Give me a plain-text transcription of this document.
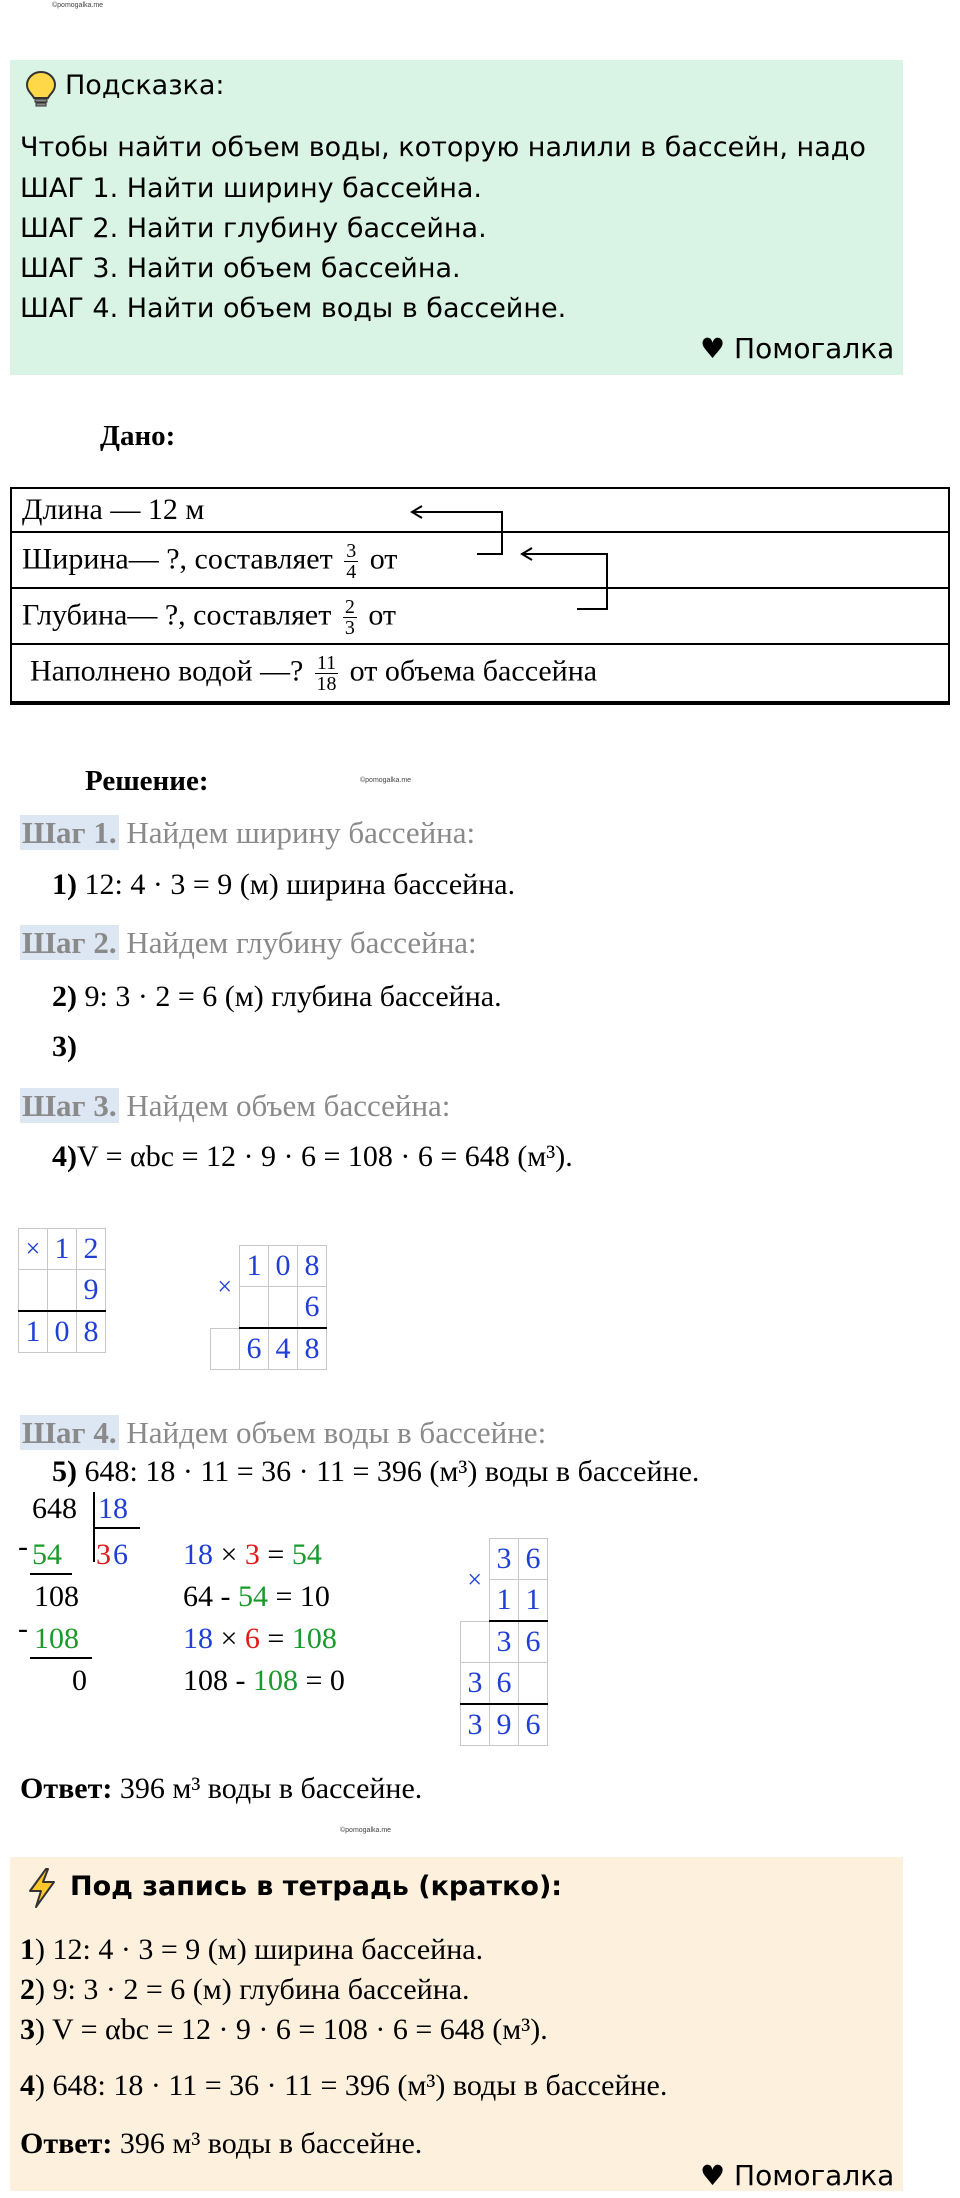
©pomogalka.me
©pomogalka.me
©pomogalka.me
Подсказка:
Чтобы найти объем воды, которую налили в бассейн, надо
ШАГ 1. Найти ширину бассейна.
ШАГ 2. Найти глубину бассейна.
ШАГ 3. Найти объем бассейна.
ШАГ 4. Найти объем воды в бассейне.
♥ Помогалка
Дано:
Длина — 12 м
Ширина— ?, составляет $\frac{3}{4}$ от
Глубина— ?, составляет $\frac{2}{3}$ от
Наполнено водой —? $\frac{11}{18}$ от объема бассейна
Решение:
Шаг 1. Найдем ширину бассейна:
1) 12: 4 · 3 = 9 (м) ширина бассейна.
Шаг 2. Найдем глубину бассейна:
2) 9: 3 · 2 = 6 (м) глубина бассейна.
3)
Шаг 3. Найдем объем бассейна:
4)V = αbc = 12 · 9 · 6 = 108 · 6 = 648 (м³).
×	1	2
		9
1	0	8
×	1	0	8
			6
	6	4	8
Шаг 4. Найдем объем воды в бассейне:
5) 648: 18 · 11 = 36 · 11 = 396 (м³) воды в бассейне.
648 18
- 54 3 6
108
- 108
0
18 × 3 = 54
64 - 54 = 10
18 × 6 = 108
108 - 108 = 0
×	3	6
	1	1
	3	6
3	6	
3	9	6
Ответ: 396 м³ воды в бассейне.
Под запись в тетрадь (кратко):
1) 12: 4 · 3 = 9 (м) ширина бассейна.
2) 9: 3 · 2 = 6 (м) глубина бассейна.
3) V = αbc = 12 · 9 · 6 = 108 · 6 = 648 (м³).
4) 648: 18 · 11 = 36 · 11 = 396 (м³) воды в бассейне.
Ответ: 396 м³ воды в бассейне.
♥ Помогалка
